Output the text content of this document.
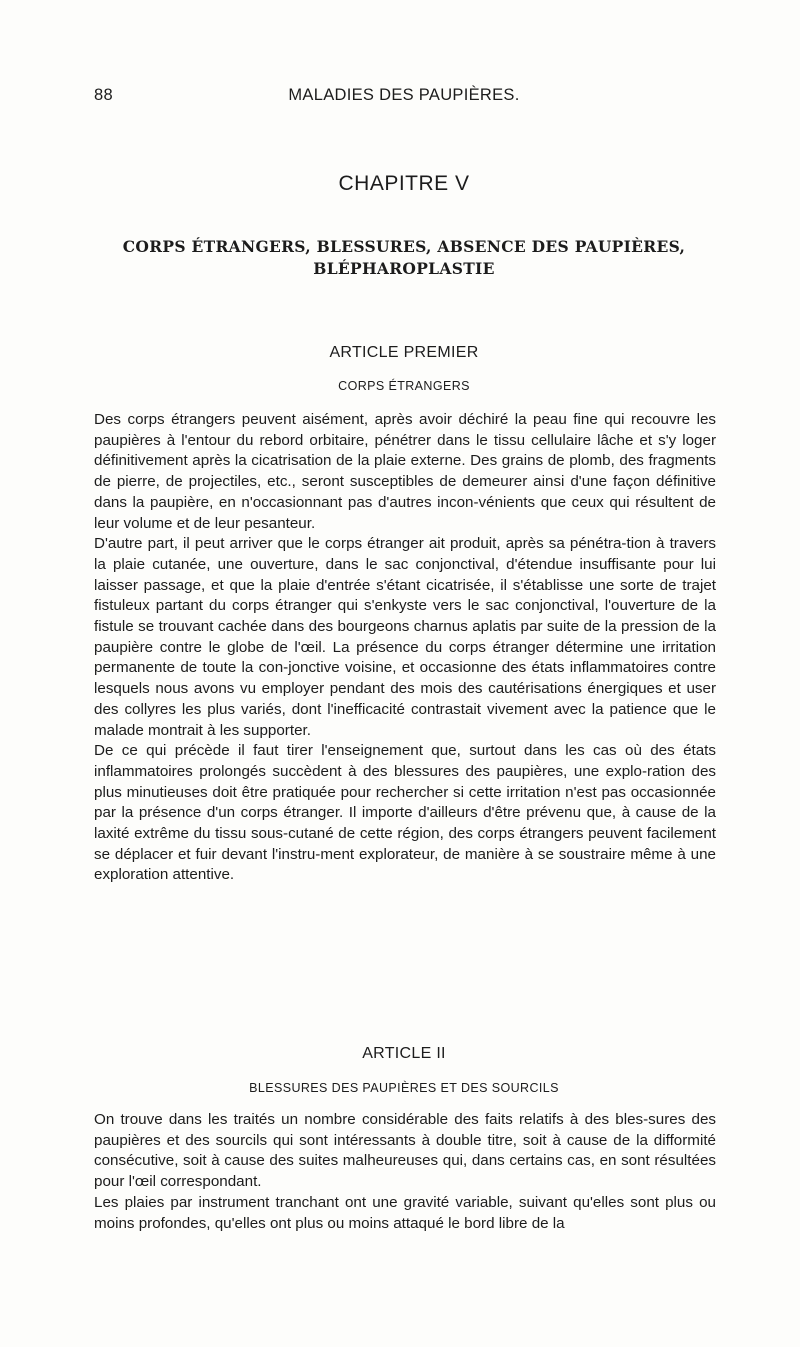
88	MALADIES DES PAUPIÈRES.
CHAPITRE V
CORPS ÉTRANGERS, BLESSURES, ABSENCE DES PAUPIÈRES,
BLÉPHAROPLASTIE
ARTICLE PREMIER
CORPS ÉTRANGERS

Des corps étrangers peuvent aisément, après avoir déchiré la peau fine qui recouvre les paupières à l'entour du rebord orbitaire, pénétrer dans le tissu cellulaire lâche et s'y loger définitivement après la cicatrisation de la plaie externe. Des grains de plomb, des fragments de pierre, de projectiles, etc., seront susceptibles de demeurer ainsi d'une façon définitive dans la paupière, en n'occasionnant pas d'autres incon-vénients que ceux qui résultent de leur volume et de leur pesanteur.

D'autre part, il peut arriver que le corps étranger ait produit, après sa pénétra-tion à travers la plaie cutanée, une ouverture, dans le sac conjonctival, d'étendue insuffisante pour lui laisser passage, et que la plaie d'entrée s'étant cicatrisée, il s'établisse une sorte de trajet fistuleux partant du corps étranger qui s'enkyste vers le sac conjonctival, l'ouverture de la fistule se trouvant cachée dans des bourgeons charnus aplatis par suite de la pression de la paupière contre le globe de l'œil. La présence du corps étranger détermine une irritation permanente de toute la con-jonctive voisine, et occasionne des états inflammatoires contre lesquels nous avons vu employer pendant des mois des cautérisations énergiques et user des collyres les plus variés, dont l'inefficacité contrastait vivement avec la patience que le malade montrait à les supporter.

De ce qui précède il faut tirer l'enseignement que, surtout dans les cas où des états inflammatoires prolongés succèdent à des blessures des paupières, une explo-ration des plus minutieuses doit être pratiquée pour rechercher si cette irritation n'est pas occasionnée par la présence d'un corps étranger. Il importe d'ailleurs d'être prévenu que, à cause de la laxité extrême du tissu sous-cutané de cette région, des corps étrangers peuvent facilement se déplacer et fuir devant l'instru-ment explorateur, de manière à se soustraire même à une exploration attentive.

ARTICLE II
BLESSURES DES PAUPIÈRES ET DES SOURCILS

On trouve dans les traités un nombre considérable des faits relatifs à des bles-sures des paupières et des sourcils qui sont intéressants à double titre, soit à cause de la difformité consécutive, soit à cause des suites malheureuses qui, dans certains cas, en sont résultées pour l'œil correspondant.

Les plaies par instrument tranchant ont une gravité variable, suivant qu'elles sont plus ou moins profondes, qu'elles ont plus ou moins attaqué le bord libre de la
